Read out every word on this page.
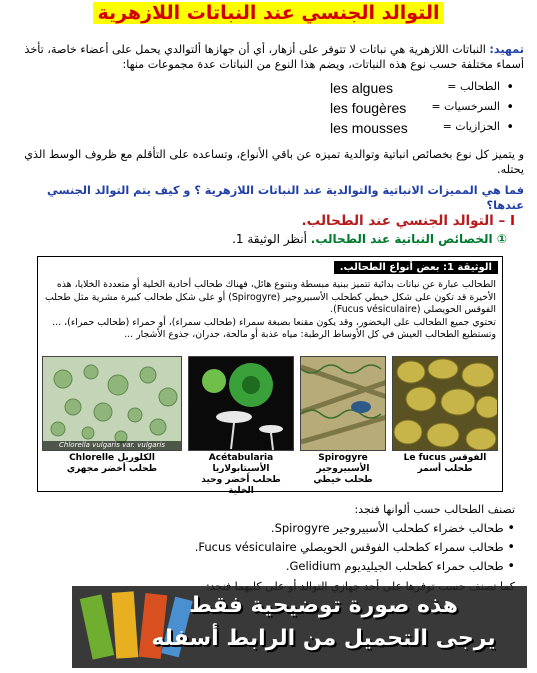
التوالد الجنسي عند النباتات اللازهرية
تمهيد: النباتات اللازهرية هي نباتات لا تتوفر على أزهار، أي أن جهازها ألتوالدي يحمل على أعضاء خاصة، تأخذ أسماء مختلفة حسب نوع هذه النباتات، ويضم هذا النوع من النباتات عدة مجموعات منها:
les algues	الطحالب = •
les fougères السرخسيات = •
les mousses	الحزازيات = •
و يتميز كل نوع بخصائص انباتية وتوالدية تميزه عن باقي الأنواع، وتساعده على التأقلم مع ظروف الوسط الذي يحتله.
فما هي المميزات الانباتية والتوالدية عند النباتات اللازهرية ؟ و كيف يتم التوالد الجنسي عندها؟
I – التوالد الجنسي عند الطحالب.
① الخصائص النباتية عند الطحالب. أنظر الوثيقة 1.
الوثيقة 1: بعض أنواع الطحالب.
الطحالب عبارة عن نباتات بدائية تتميز ببنية مبسطة وبتنوع هائل، فهناك طحالب أحادية الخلية أو متعددة الخلايا، هذه الأخيرة قد تكون على شكل خيطي كطحلب الأسبيروجير (Spirogyre) أو على شكل طحالب كبيرة مشرية مثل طحلب الفوقس الحويصلي (Fucus vésiculaire).
تحتوي جميع الطحالب على اليخضور، وقد يكون مقنعا بصبغة سمراء (طحالب سمراء)، أو حمراء (طحالب حمراء)، ... وتستطيع الطحالب العيش في كل الأوساط الرطبة: مياه عذبة أو مالحة، جدران، جذوع الأشجار ...
Chlorella vulgaris var. vulgaris
Chlorelle الكلوريل
طحلب أخضر مجهري
Acétabularia الأسيتابولاريا
طحلب أخضر وحيد الخلية
Spirogyre الأسبيروجير
طحلب خيطي
Le fucus الفوقس
طحلب أسمر
تصنف الطحالب حسب ألوانها فنجد:
• طحالب خضراء كطحلب الأسبيروجير Spirogyre.
• طحالب سمراء كطحلب الفوقس الحويصلي Fucus vésiculaire.
• طحالب حمراء كطحلب الجيليديوم Gelidium.
هذه صورة توضيحية فقط
يرجى التحميل من الرابط أسفله
